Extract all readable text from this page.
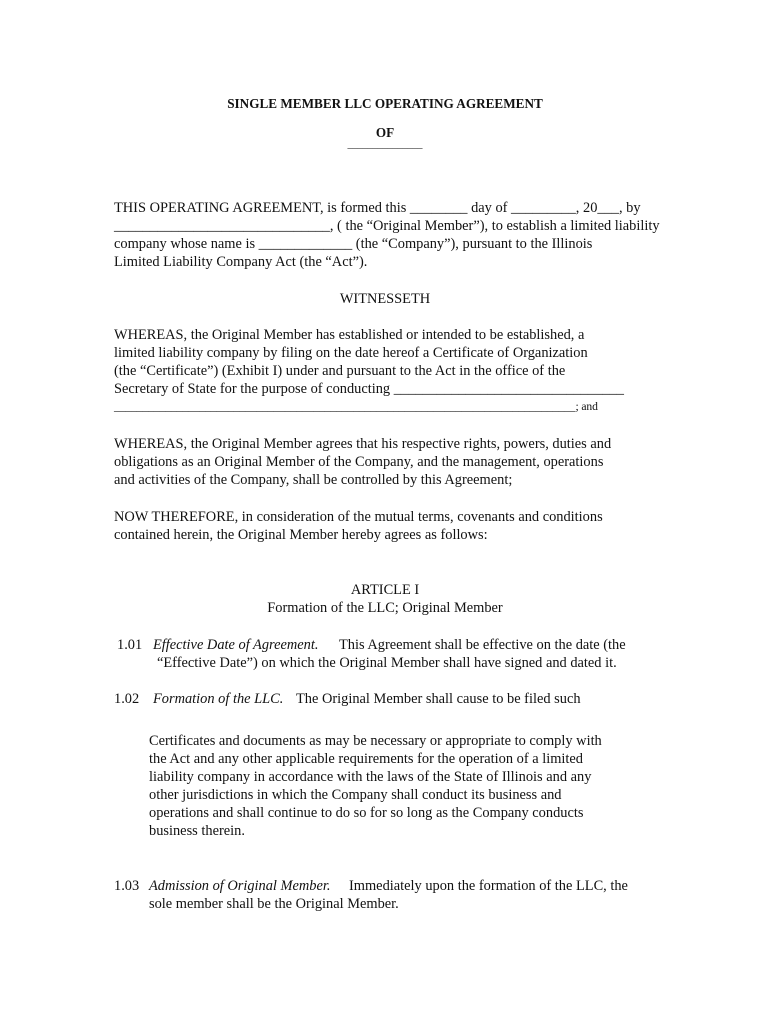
SINGLE MEMBER LLC OPERATING AGREEMENT
OF
_______________
THIS OPERATING AGREEMENT, is formed this ________ day of _________, 20___, by
______________________________, ( the “Original Member”), to establish a limited liability
company whose name is _____________ (the “Company”), pursuant to the Illinois
Limited Liability Company Act (the “Act”).
WITNESSETH
WHEREAS, the Original Member has established or intended to be established, a
limited liability company by filing on the date hereof a Certificate of Organization
(the “Certificate”) (Exhibit I) under and pursuant to the Act in the office of the
Secretary of State for the purpose of conducting ________________________________
_________________________________________________________________________________; and
WHEREAS, the Original Member agrees that his respective rights, powers, duties and
obligations as an Original Member of the Company, and the management, operations
and activities of the Company, shall be controlled by this Agreement;
NOW THEREFORE, in consideration of the mutual terms, covenants and conditions
contained herein, the Original Member hereby agrees as follows:
ARTICLE I
Formation of the LLC; Original Member
1.01 Effective Date of Agreement. This Agreement shall be effective on the date (the
“Effective Date”) on which the Original Member shall have signed and dated it.
1.02 Formation of the LLC. The Original Member shall cause to be filed such
Certificates and documents as may be necessary or appropriate to comply with
the Act and any other applicable requirements for the operation of a limited
liability company in accordance with the laws of the State of Illinois and any
other jurisdictions in which the Company shall conduct its business and
operations and shall continue to do so for so long as the Company conducts
business therein.
1.03 Admission of Original Member. Immediately upon the formation of the LLC, the
sole member shall be the Original Member.
